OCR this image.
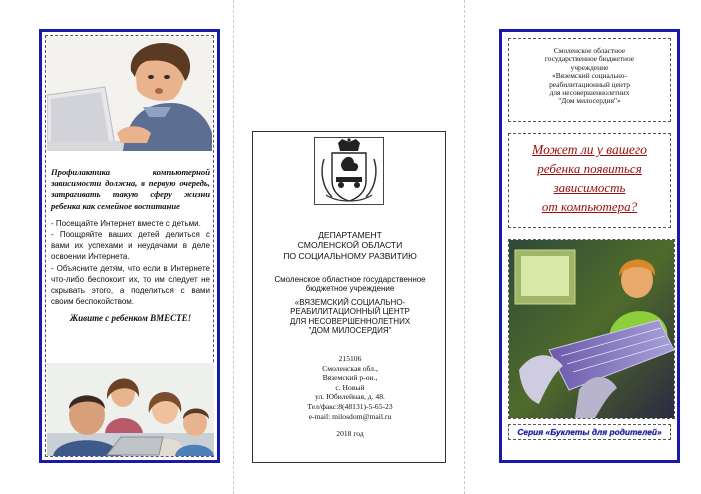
Профилактика компьютерной зависимости должна, в первую очередь, затрагивать такую сферу жизни ребенка как семейное воспитание
- Посещайте Интернет вместе с детьми.
- Поощряйте ваших детей делиться с вами их успехами и неудачами в деле освоении Интернета.
- Объясните детям, что если в Интернете что-либо беспокоит их, то им следует не скрывать этого, а поделиться с вами своим беспокойством.
Живите с ребенком ВМЕСТЕ!
ДЕПАРТАМЕНТ
СМОЛЕНСКОЙ ОБЛАСТИ
ПО СОЦИАЛЬНОМУ РАЗВИТИЮ
Смоленское областное государственное бюджетное учреждение
«ВЯЗЕМСКИЙ СОЦИАЛЬНО-
РЕАБИЛИТАЦИОННЫЙ ЦЕНТР
ДЛЯ НЕСОВЕРШЕННОЛЕТНИХ
"ДОМ МИЛОСЕРДИЯ"
215106
Смоленская обл.,
Вяземский р-он.,
с. Новый
ул. Юбилейная, д. 48.
Тел/факс:8(48131)-5-65-23
e-mail: milosdom@mail.ru
2018 год
Смоленское областное
государственное бюджетное
учреждение
«Вяземский социально-
реабилитационный центр
для несовершеннолетних
"Дом милосердия"»
Может ли у вашего
ребенка появиться
зависимость
от компьютера?
Серия «Буклеты для родителей»
